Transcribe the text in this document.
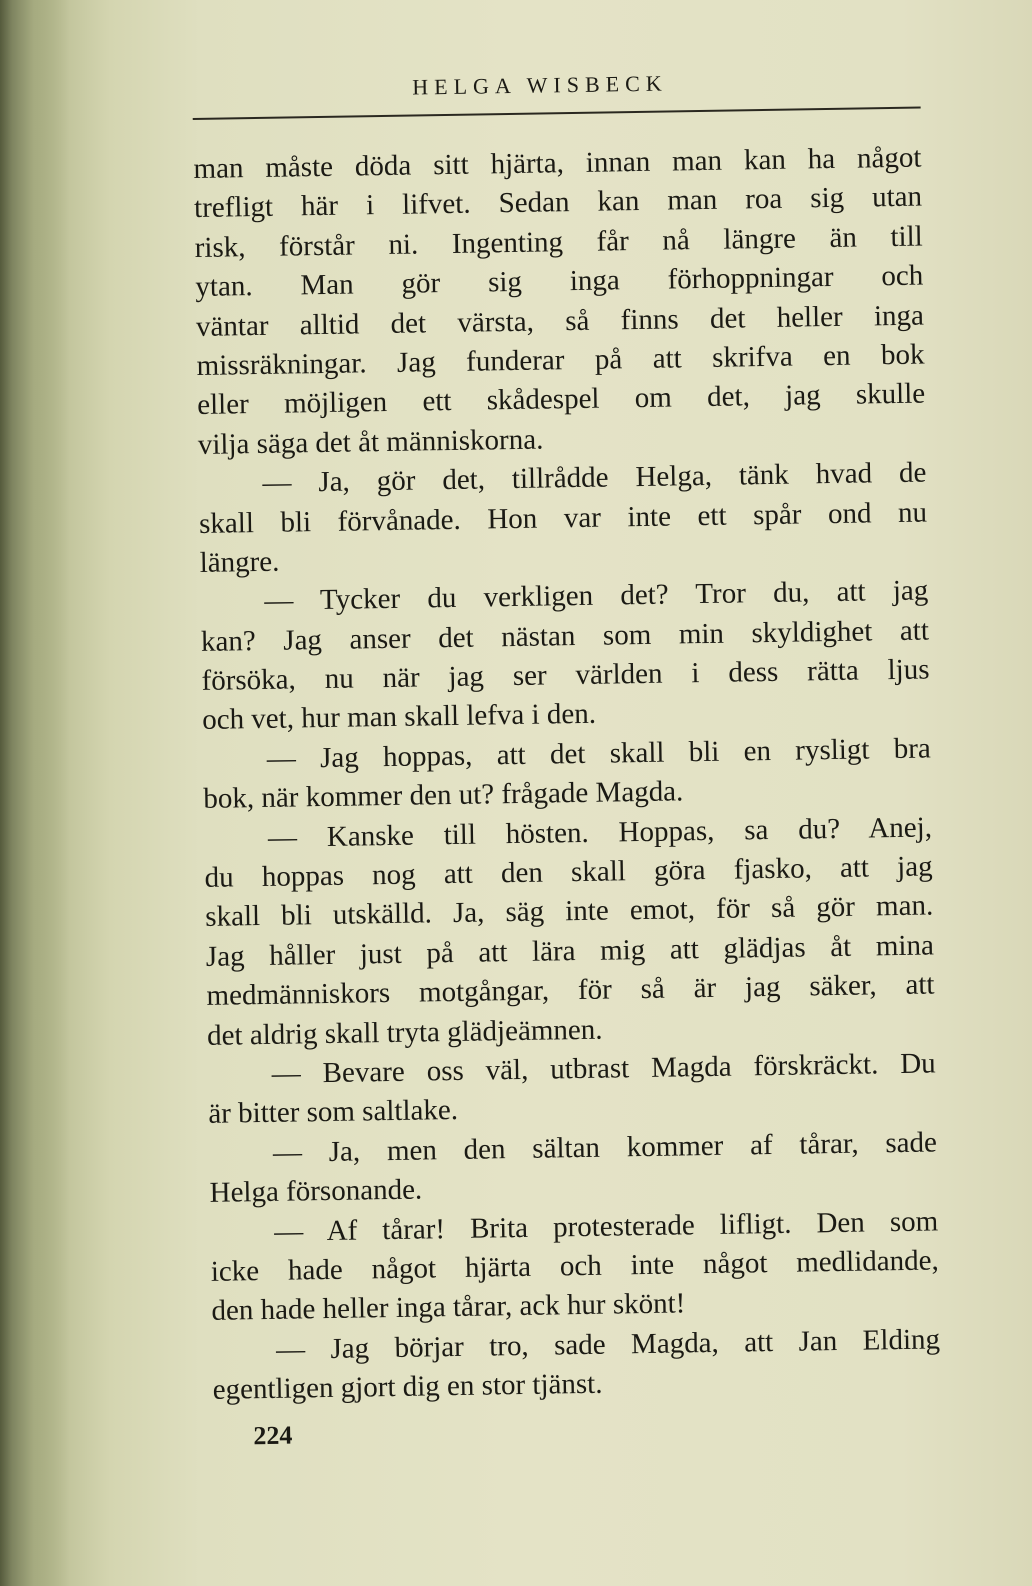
HELGA WISBECK
man måste döda sitt hjärta, innan man kan ha något
trefligt här i lifvet. Sedan kan man roa sig utan
risk, förstår ni. Ingenting får nå längre än till
ytan. Man gör sig inga förhoppningar och
väntar alltid det värsta, så finns det heller inga
missräkningar. Jag funderar på att skrifva en bok
eller möjligen ett skådespel om det, jag skulle
vilja säga det åt människorna.
— Ja, gör det, tillrådde Helga, tänk hvad de
skall bli förvånade. Hon var inte ett spår ond nu
längre.
— Tycker du verkligen det? Tror du, att jag
kan? Jag anser det nästan som min skyldighet att
försöka, nu när jag ser världen i dess rätta ljus
och vet, hur man skall lefva i den.
— Jag hoppas, att det skall bli en rysligt bra
bok, när kommer den ut? frågade Magda.
— Kanske till hösten. Hoppas, sa du? Anej,
du hoppas nog att den skall göra fjasko, att jag
skall bli utskälld. Ja, säg inte emot, för så gör man.
Jag håller just på att lära mig att glädjas åt mina
medmänniskors motgångar, för så är jag säker, att
det aldrig skall tryta glädjeämnen.
— Bevare oss väl, utbrast Magda förskräckt. Du
är bitter som saltlake.
— Ja, men den sältan kommer af tårar, sade
Helga försonande.
— Af tårar! Brita protesterade lifligt. Den som
icke hade något hjärta och inte något medlidande,
den hade heller inga tårar, ack hur skönt!
— Jag börjar tro, sade Magda, att Jan Elding
egentligen gjort dig en stor tjänst.
224
